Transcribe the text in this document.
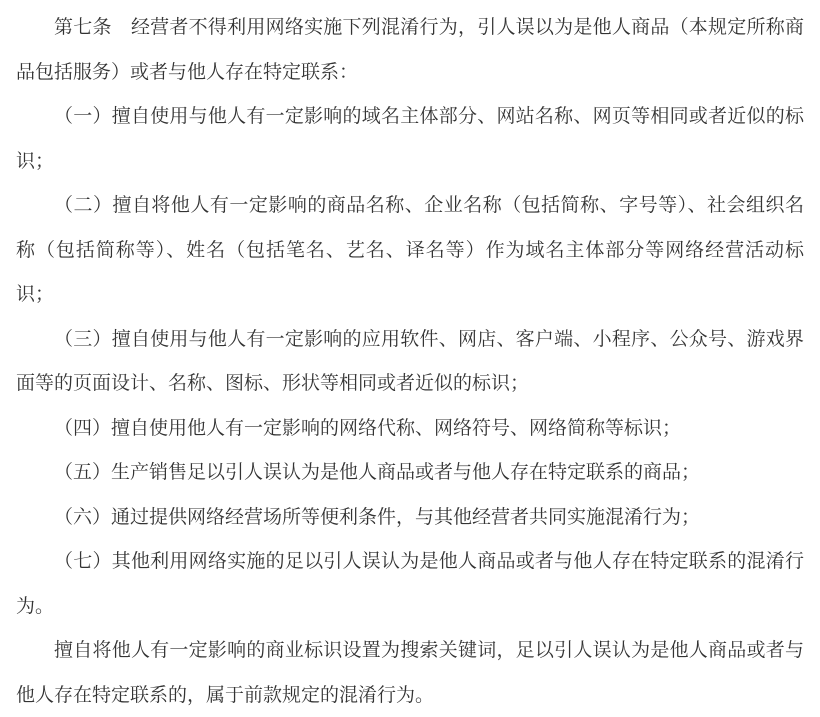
第七条　经营者不得利用网络实施下列混淆行为，引人误以为是他人商品（本规定所称商品包括服务）或者与他人存在特定联系：

（一）擅自使用与他人有一定影响的域名主体部分、网站名称、网页等相同或者近似的标识；

（二）擅自将他人有一定影响的商品名称、企业名称（包括简称、字号等）、社会组织名称（包括简称等）、姓名（包括笔名、艺名、译名等）作为域名主体部分等网络经营活动标识；

（三）擅自使用与他人有一定影响的应用软件、网店、客户端、小程序、公众号、游戏界面等的页面设计、名称、图标、形状等相同或者近似的标识；

（四）擅自使用他人有一定影响的网络代称、网络符号、网络简称等标识；

（五）生产销售足以引人误认为是他人商品或者与他人存在特定联系的商品；

（六）通过提供网络经营场所等便利条件，与其他经营者共同实施混淆行为；

（七）其他利用网络实施的足以引人误认为是他人商品或者与他人存在特定联系的混淆行为。

擅自将他人有一定影响的商业标识设置为搜索关键词，足以引人误认为是他人商品或者与他人存在特定联系的，属于前款规定的混淆行为。
